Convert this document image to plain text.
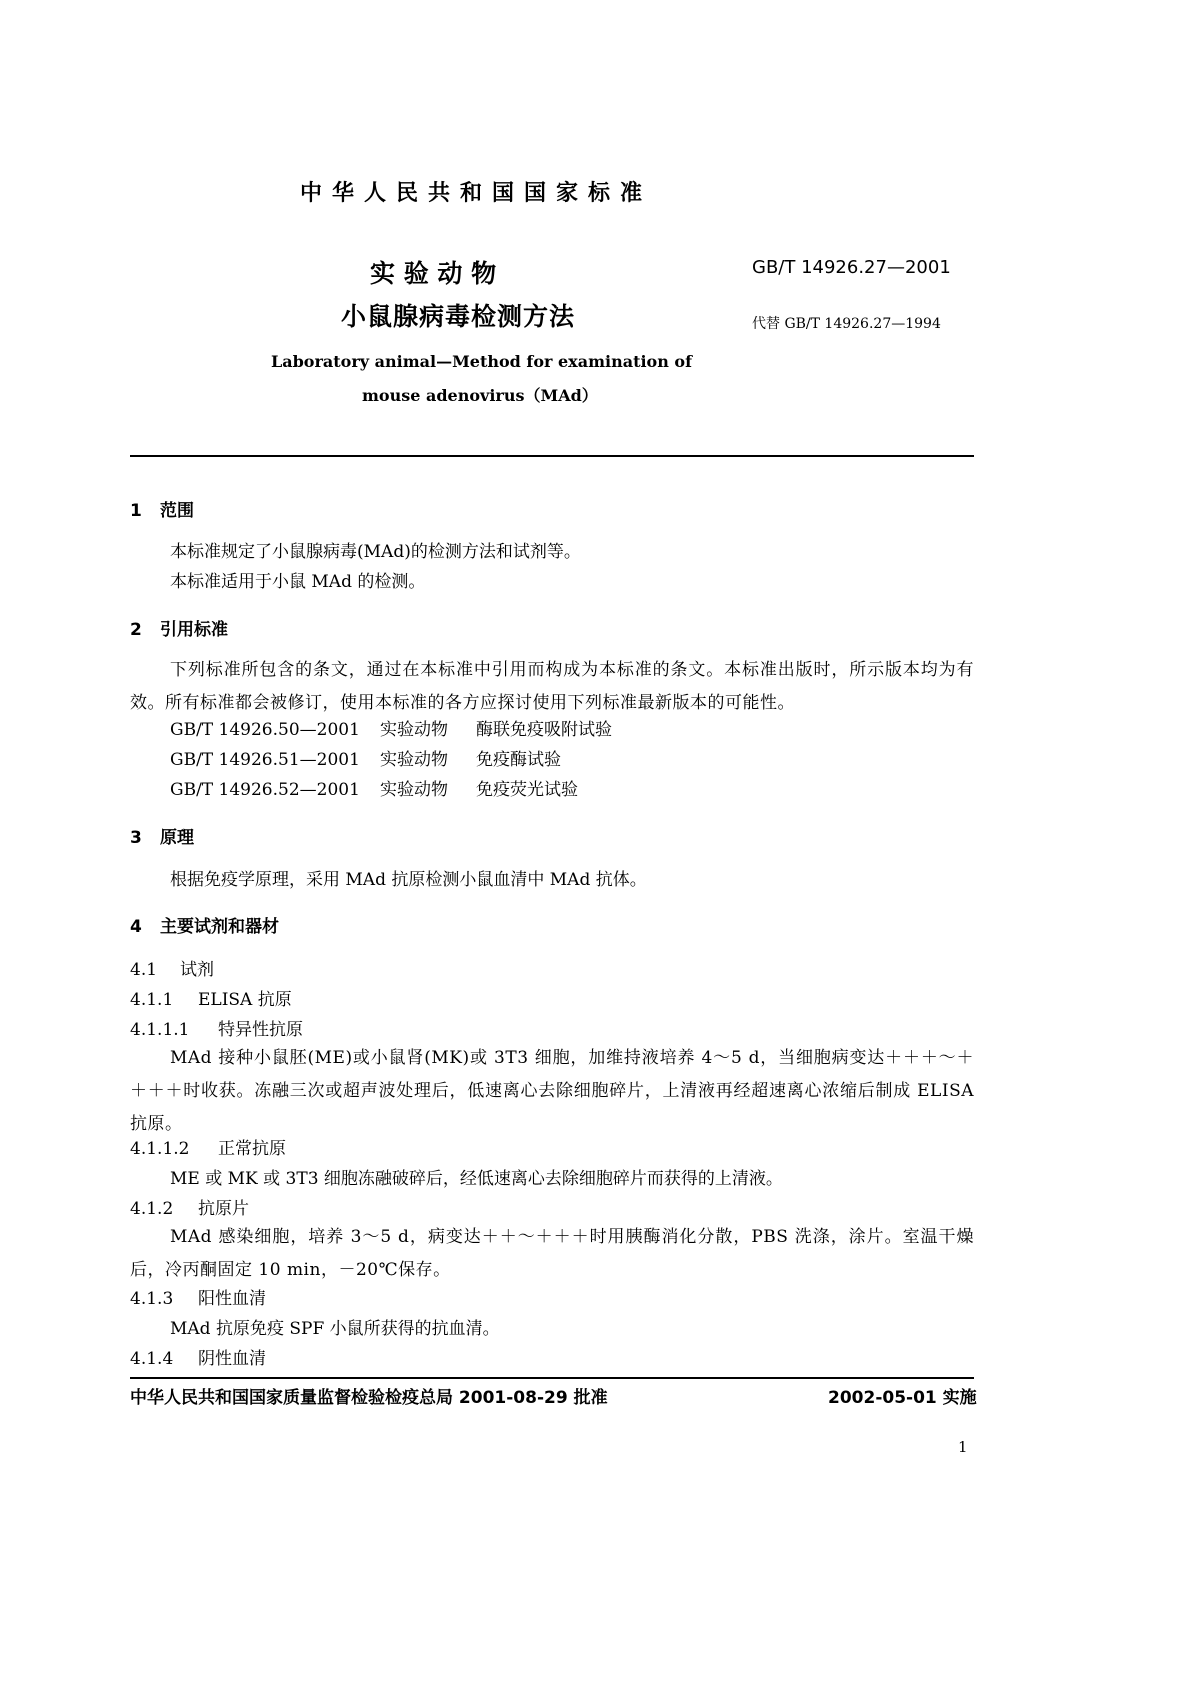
中华人民共和国国家标准
实 验 动 物
小鼠腺病毒检测方法
Laboratory animal—Method for examination of
mouse adenovirus（MAd）
GB/T 14926.27—2001
代替 GB/T 14926.27—1994
1 范围
本标准规定了小鼠腺病毒(MAd)的检测方法和试剂等。
本标准适用于小鼠 MAd 的检测。
2 引用标准
下列标准所包含的条文，通过在本标准中引用而构成为本标准的条文。本标准出版时，所示版本均为有效。所有标准都会被修订，使用本标准的各方应探讨使用下列标准最新版本的可能性。
GB/T 14926.50—2001 实验动物 酶联免疫吸附试验
GB/T 14926.51—2001 实验动物 免疫酶试验
GB/T 14926.52—2001 实验动物 免疫荧光试验
3 原理
根据免疫学原理，采用 MAd 抗原检测小鼠血清中 MAd 抗体。
4 主要试剂和器材
4.1 试剂
4.1.1 ELISA 抗原
4.1.1.1 特异性抗原
MAd 接种小鼠胚(ME)或小鼠肾(MK)或 3T3 细胞，加维持液培养 4～5 d，当细胞病变达＋＋＋～＋＋＋＋时收获。冻融三次或超声波处理后，低速离心去除细胞碎片，上清液再经超速离心浓缩后制成 ELISA 抗原。
4.1.1.2 正常抗原
ME 或 MK 或 3T3 细胞冻融破碎后，经低速离心去除细胞碎片而获得的上清液。
4.1.2 抗原片
MAd 感染细胞，培养 3～5 d，病变达＋＋～＋＋＋时用胰酶消化分散，PBS 洗涤，涂片。室温干燥后，冷丙酮固定 10 min，－20℃保存。
4.1.3 阳性血清
MAd 抗原免疫 SPF 小鼠所获得的抗血清。
4.1.4 阴性血清
中华人民共和国国家质量监督检验检疫总局 2001-08-29 批准	2002-05-01 实施
1
